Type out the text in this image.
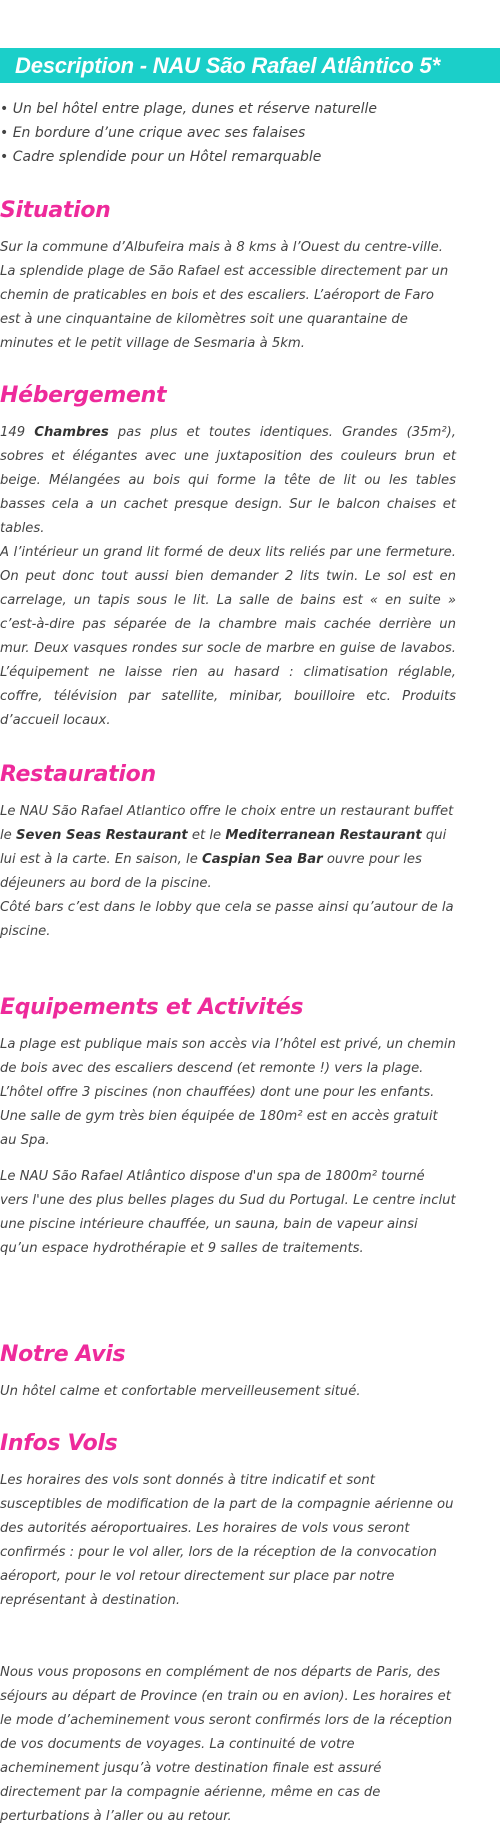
Description - NAU São Rafael Atlântico 5*
• Un bel hôtel entre plage, dunes et réserve naturelle
• En bordure d’une crique avec ses falaises
• Cadre splendide pour un Hôtel remarquable
Situation

Sur la commune d’Albufeira mais à 8 kms à l’Ouest du centre-ville. La splendide plage de São Rafael est accessible directement par un chemin de praticables en bois et des escaliers. L’aéroport de Faro est à une cinquantaine de kilomètres soit une quarantaine de minutes et le petit village de Sesmaria à 5km.

Hébergement

149 Chambres pas plus et toutes identiques. Grandes (35m²), sobres et élégantes avec une juxtaposition des couleurs brun et beige. Mélangées au bois qui forme la tête de lit ou les tables basses cela a un cachet presque design. Sur le balcon chaises et tables.

A l’intérieur un grand lit formé de deux lits reliés par une fermeture. On peut donc tout aussi bien demander 2 lits twin. Le sol est en carrelage, un tapis sous le lit. La salle de bains est « en suite » c’est-à-dire pas séparée de la chambre mais cachée derrière un mur. Deux vasques rondes sur socle de marbre en guise de lavabos. L’équipement ne laisse rien au hasard : climatisation réglable, coffre, télévision par satellite, minibar, bouilloire etc. Produits d’accueil locaux.

Restauration

Le NAU São Rafael Atlantico offre le choix entre un restaurant buffet le Seven Seas Restaurant et le Mediterranean Restaurant qui lui est à la carte. En saison, le Caspian Sea Bar ouvre pour les déjeuners au bord de la piscine.

Côté bars c’est dans le lobby que cela se passe ainsi qu’autour de la piscine.

Equipements et Activités

La plage est publique mais son accès via l’hôtel est privé, un chemin de bois avec des escaliers descend (et remonte !) vers la plage. L’hôtel offre 3 piscines (non chauffées) dont une pour les enfants. Une salle de gym très bien équipée de 180m² est en accès gratuit au Spa.

Le NAU São Rafael Atlântico dispose d'un spa de 1800m² tourné vers l'une des plus belles plages du Sud du Portugal. Le centre inclut une piscine intérieure chauffée, un sauna, bain de vapeur ainsi qu’un espace hydrothérapie et 9 salles de traitements.

Notre Avis

Un hôtel calme et confortable merveilleusement situé.

Infos Vols

Les horaires des vols sont donnés à titre indicatif et sont susceptibles de modification de la part de la compagnie aérienne ou des autorités aéroportuaires. Les horaires de vols vous seront confirmés : pour le vol aller, lors de la réception de la convocation aéroport, pour le vol retour directement sur place par notre représentant à destination.

Nous vous proposons en complément de nos départs de Paris, des séjours au départ de Province (en train ou en avion). Les horaires et le mode d’acheminement vous seront confirmés lors de la réception de vos documents de voyages. La continuité de votre acheminement jusqu’à votre destination finale est assuré directement par la compagnie aérienne, même en cas de perturbations à l’aller ou au retour.
